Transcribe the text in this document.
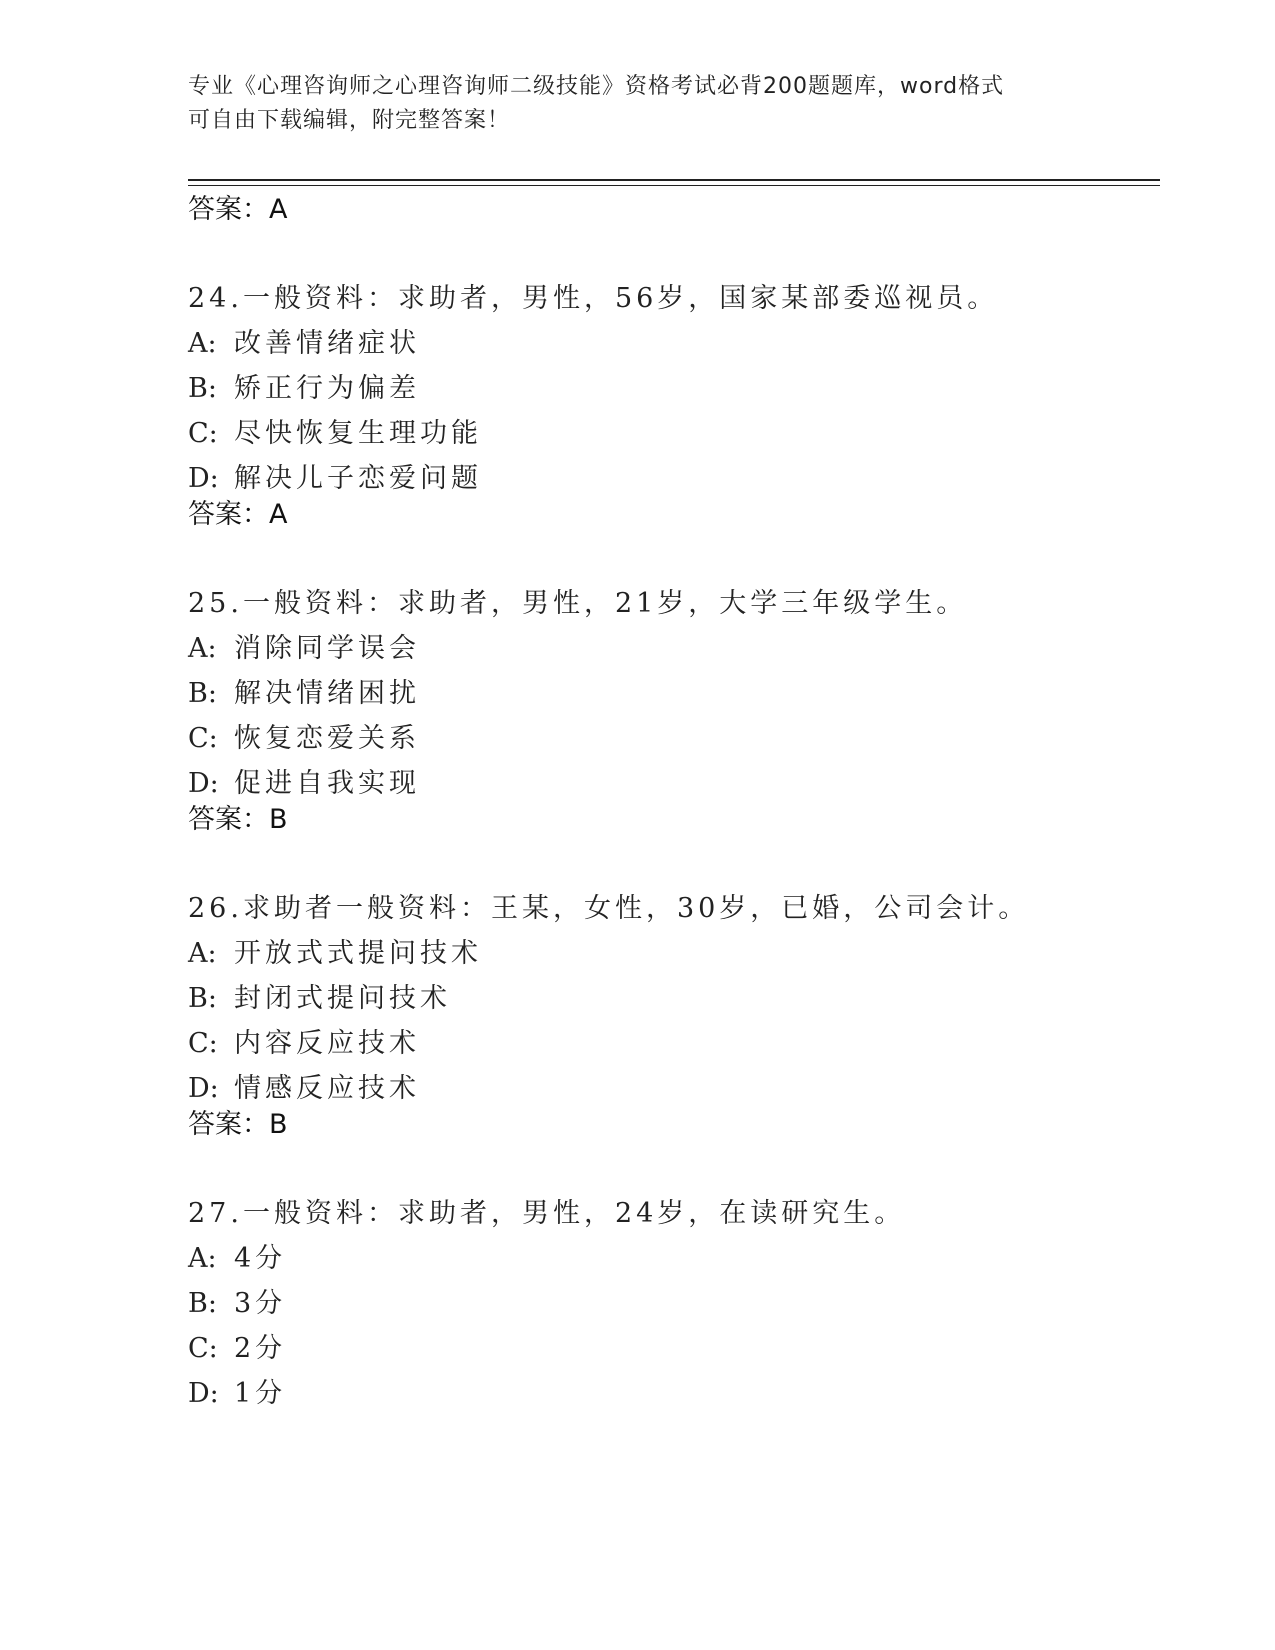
专业《心理咨询师之心理咨询师二级技能》资格考试必背200题题库，word格式
可自由下载编辑，附完整答案！
答案：A
24.一般资料：求助者，男性，56岁，国家某部委巡视员。
A: 改善情绪症状
B: 矫正行为偏差
C: 尽快恢复生理功能
D: 解决儿子恋爱问题
答案：A
25.一般资料：求助者，男性，21岁，大学三年级学生。
A: 消除同学误会
B: 解决情绪困扰
C: 恢复恋爱关系
D: 促进自我实现
答案：B
26.求助者一般资料：王某，女性，30岁，已婚，公司会计。
A: 开放式式提问技术
B: 封闭式提问技术
C: 内容反应技术
D: 情感反应技术
答案：B
27.一般资料：求助者，男性，24岁，在读研究生。
A: 4分
B: 3分
C: 2分
D: 1分
